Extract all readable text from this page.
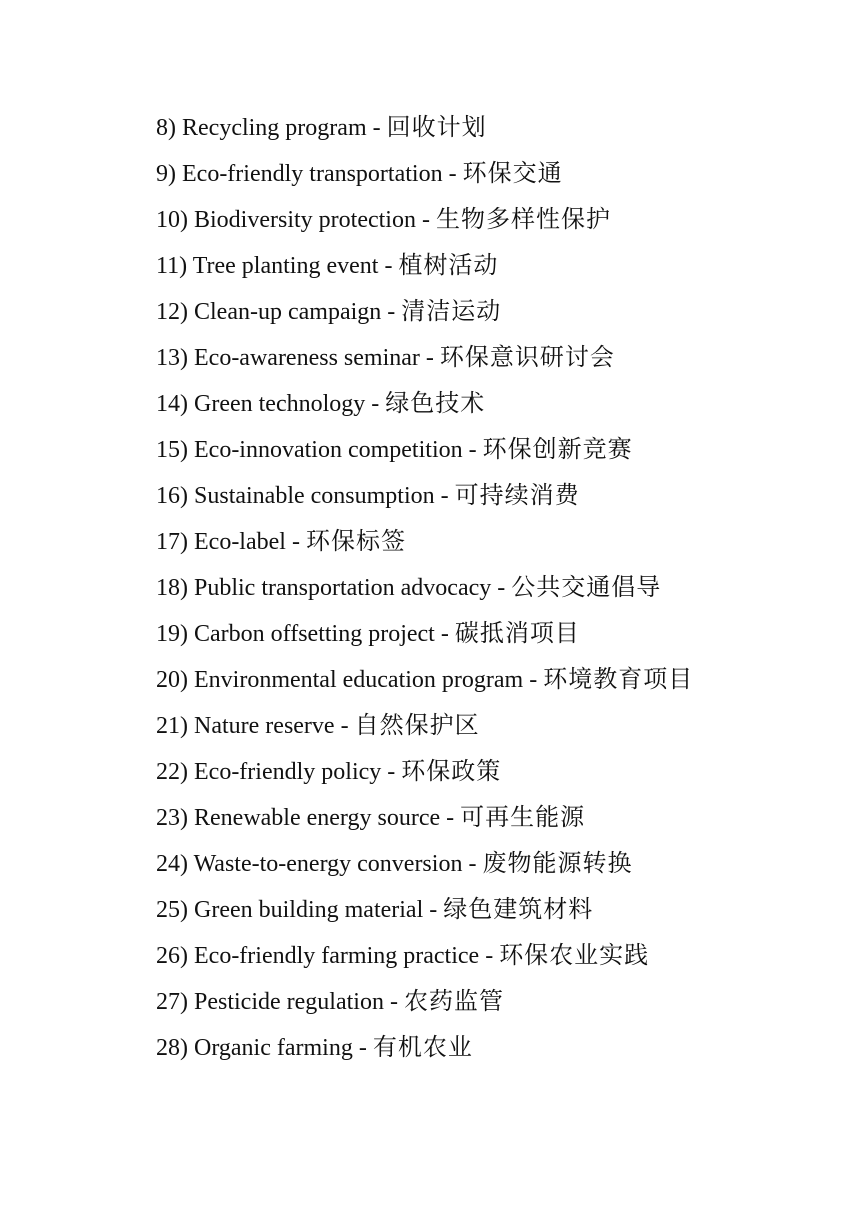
8) Recycling program - 回收计划

9) Eco-friendly transportation - 环保交通

10) Biodiversity protection - 生物多样性保护

11) Tree planting event - 植树活动

12) Clean-up campaign - 清洁运动

13) Eco-awareness seminar - 环保意识研讨会

14) Green technology - 绿色技术

15) Eco-innovation competition - 环保创新竞赛

16) Sustainable consumption - 可持续消费

17) Eco-label - 环保标签

18) Public transportation advocacy - 公共交通倡导

19) Carbon offsetting project - 碳抵消项目

20) Environmental education program - 环境教育项目

21) Nature reserve - 自然保护区

22) Eco-friendly policy - 环保政策

23) Renewable energy source - 可再生能源

24) Waste-to-energy conversion - 废物能源转换

25) Green building material - 绿色建筑材料

26) Eco-friendly farming practice - 环保农业实践

27) Pesticide regulation - 农药监管

28) Organic farming - 有机农业
